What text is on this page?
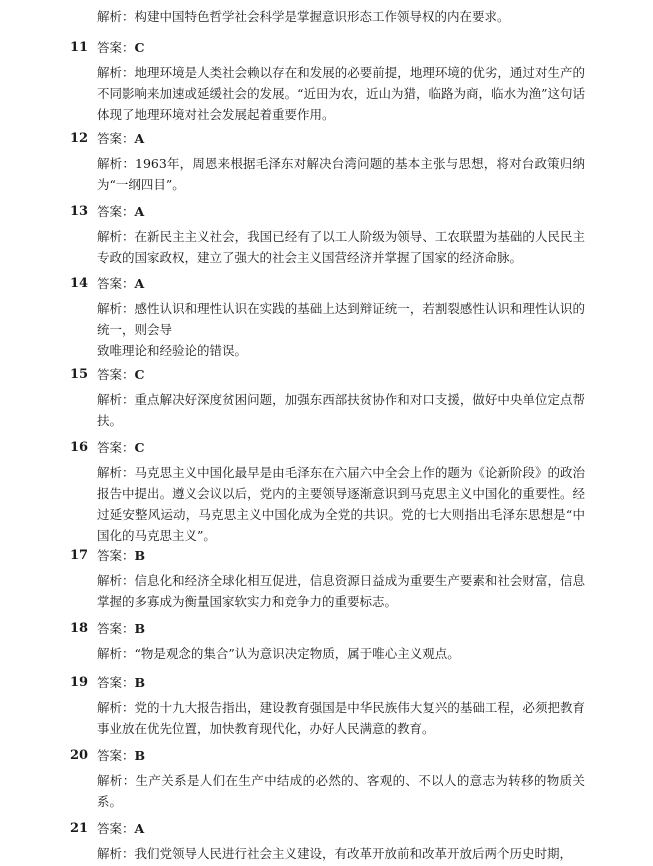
解析：构建中国特色哲学社会科学是掌握意识形态工作领导权的内在要求。
11 答案：C
解析：地理环境是人类社会赖以存在和发展的必要前提，地理环境的优劣，通过对生产的不同影响来加速或延缓社会的发展。“近田为农，近山为猎，临路为商，临水为渔”这句话体现了地理环境对社会发展起着重要作用。
12 答案：A
解析：1963年，周恩来根据毛泽东对解决台湾问题的基本主张与思想，将对台政策归纳为“一纲四目”。
13 答案：A
解析：在新民主主义社会，我国已经有了以工人阶级为领导、工农联盟为基础的人民民主专政的国家政权，建立了强大的社会主义国营经济并掌握了国家的经济命脉。
14 答案：A
解析：感性认识和理性认识在实践的基础上达到辩证统一，若割裂感性认识和理性认识的统一，则会导
致唯理论和经验论的错误。
15 答案：C
解析：重点解决好深度贫困问题，加强东西部扶贫协作和对口支援，做好中央单位定点帮扶。
16 答案：C
解析：马克思主义中国化最早是由毛泽东在六届六中全会上作的题为《论新阶段》的政治报告中提出。遵义会议以后，党内的主要领导逐渐意识到马克思主义中国化的重要性。经过延安整风运动，马克思主义中国化成为全党的共识。党的七大则指出毛泽东思想是“中国化的马克思主义”。
17 答案：B
解析：信息化和经济全球化相互促进，信息资源日益成为重要生产要素和社会财富，信息掌握的多寡成为衡量国家软实力和竞争力的重要标志。
18 答案：B
解析：“物是观念的集合”认为意识决定物质，属于唯心主义观点。
19 答案：B
解析：党的十九大报告指出，建设教育强国是中华民族伟大复兴的基础工程，必须把教育事业放在优先位置，加快教育现代化，办好人民满意的教育。
20 答案：B
解析：生产关系是人们在生产中结成的必然的、客观的、不以人的意志为转移的物质关系。
21 答案：A
解析：我们党领导人民进行社会主义建设，有改革开放前和改革开放后两个历史时期，
